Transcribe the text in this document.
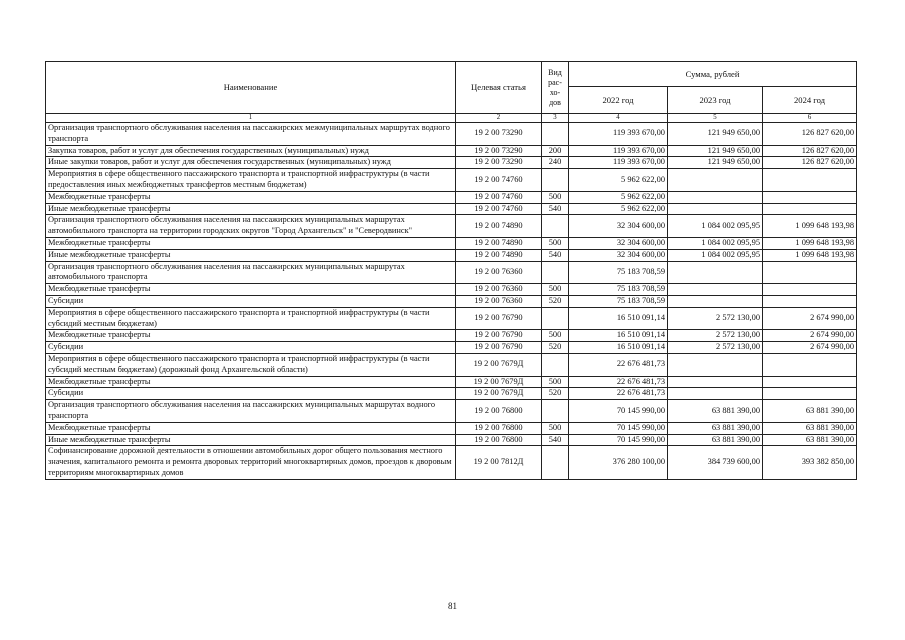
Наименование	Целевая статья	Вид рас-хо-дов	Сумма, рублей		
			2022 год	2023 год	2024 год
1	2	3	4	5	6
Организация транспортного обслуживания населения на пассажирских межмуниципальных маршрутах водного транспорта	19 2 00 73290		119 393 670,00	121 949 650,00	126 827 620,00
Закупка товаров, работ и услуг для обеспечения государственных (муниципальных) нужд	19 2 00 73290	200	119 393 670,00	121 949 650,00	126 827 620,00
Иные закупки товаров, работ и услуг для обеспечения государственных (муниципальных) нужд	19 2 00 73290	240	119 393 670,00	121 949 650,00	126 827 620,00
Мероприятия в сфере общественного пассажирского транспорта и транспортной инфраструктуры (в части предоставления иных межбюджетных трансфертов местным бюджетам)	19 2 00 74760		5 962 622,00		
Межбюджетные трансферты	19 2 00 74760	500	5 962 622,00		
Иные межбюджетные трансферты	19 2 00 74760	540	5 962 622,00		
Организация транспортного обслуживания населения на пассажирских муниципальных маршрутах автомобильного транспорта на территории городских округов "Город Архангельск" и "Северодвинск"	19 2 00 74890		32 304 600,00	1 084 002 095,95	1 099 648 193,98
Межбюджетные трансферты	19 2 00 74890	500	32 304 600,00	1 084 002 095,95	1 099 648 193,98
Иные межбюджетные трансферты	19 2 00 74890	540	32 304 600,00	1 084 002 095,95	1 099 648 193,98
Организация транспортного обслуживания населения на пассажирских муниципальных маршрутах автомобильного транспорта	19 2 00 76360		75 183 708,59		
Межбюджетные трансферты	19 2 00 76360	500	75 183 708,59		
Субсидии	19 2 00 76360	520	75 183 708,59		
Мероприятия в сфере общественного пассажирского транспорта и транспортной инфраструктуры (в части субсидий местным бюджетам)	19 2 00 76790		16 510 091,14	2 572 130,00	2 674 990,00
Межбюджетные трансферты	19 2 00 76790	500	16 510 091,14	2 572 130,00	2 674 990,00
Субсидии	19 2 00 76790	520	16 510 091,14	2 572 130,00	2 674 990,00
Мероприятия в сфере общественного пассажирского транспорта и транспортной инфраструктуры (в части субсидий местным бюджетам) (дорожный фонд Архангельской области)	19 2 00 7679Д		22 676 481,73		
Межбюджетные трансферты	19 2 00 7679Д	500	22 676 481,73		
Субсидии	19 2 00 7679Д	520	22 676 481,73		
Организация транспортного обслуживания населения на пассажирских муниципальных маршрутах водного транспорта	19 2 00 76800		70 145 990,00	63 881 390,00	63 881 390,00
Межбюджетные трансферты	19 2 00 76800	500	70 145 990,00	63 881 390,00	63 881 390,00
Иные межбюджетные трансферты	19 2 00 76800	540	70 145 990,00	63 881 390,00	63 881 390,00
Софинансирование дорожной деятельности в отношении автомобильных дорог общего пользования местного значения, капитального ремонта и ремонта дворовых территорий многоквартирных домов, проездов к дворовым территориям многоквартирных домов	19 2 00 7812Д		376 280 100,00	384 739 600,00	393 382 850,00
81
